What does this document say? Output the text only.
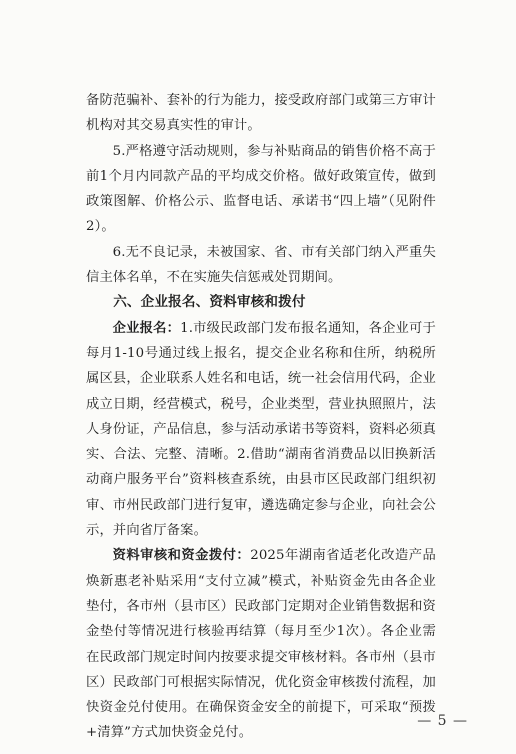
备防范骗补、套补的行为能力，接受政府部门或第三方审计机构对其交易真实性的审计。

5.严格遵守活动规则，参与补贴商品的销售价格不高于前1个月内同款产品的平均成交价格。做好政策宣传，做到政策图解、价格公示、监督电话、承诺书“四上墙”（见附件2）。

6.无不良记录，未被国家、省、市有关部门纳入严重失信主体名单，不在实施失信惩戒处罚期间。

六、企业报名、资料审核和拨付

企业报名：1.市级民政部门发布报名通知，各企业可于每月1-10号通过线上报名，提交企业名称和住所，纳税所属区县，企业联系人姓名和电话，统一社会信用代码，企业成立日期，经营模式，税号，企业类型，营业执照照片，法人身份证，产品信息，参与活动承诺书等资料，资料必须真实、合法、完整、清晰。2.借助“湖南省消费品以旧换新活动商户服务平台”资料核查系统，由县市区民政部门组织初审、市州民政部门进行复审，遴选确定参与企业，向社会公示，并向省厅备案。

资料审核和资金拨付：2025年湖南省适老化改造产品焕新惠老补贴采用“支付立减”模式，补贴资金先由各企业垫付，各市州（县市区）民政部门定期对企业销售数据和资金垫付等情况进行核验再结算（每月至少1次）。各企业需在民政部门规定时间内按要求提交审核材料。各市州（县市区）民政部门可根据实际情况，优化资金审核拨付流程，加快资金兑付使用。在确保资金安全的前提下，可采取“预拨+清算”方式加快资金兑付。

— 5 —
